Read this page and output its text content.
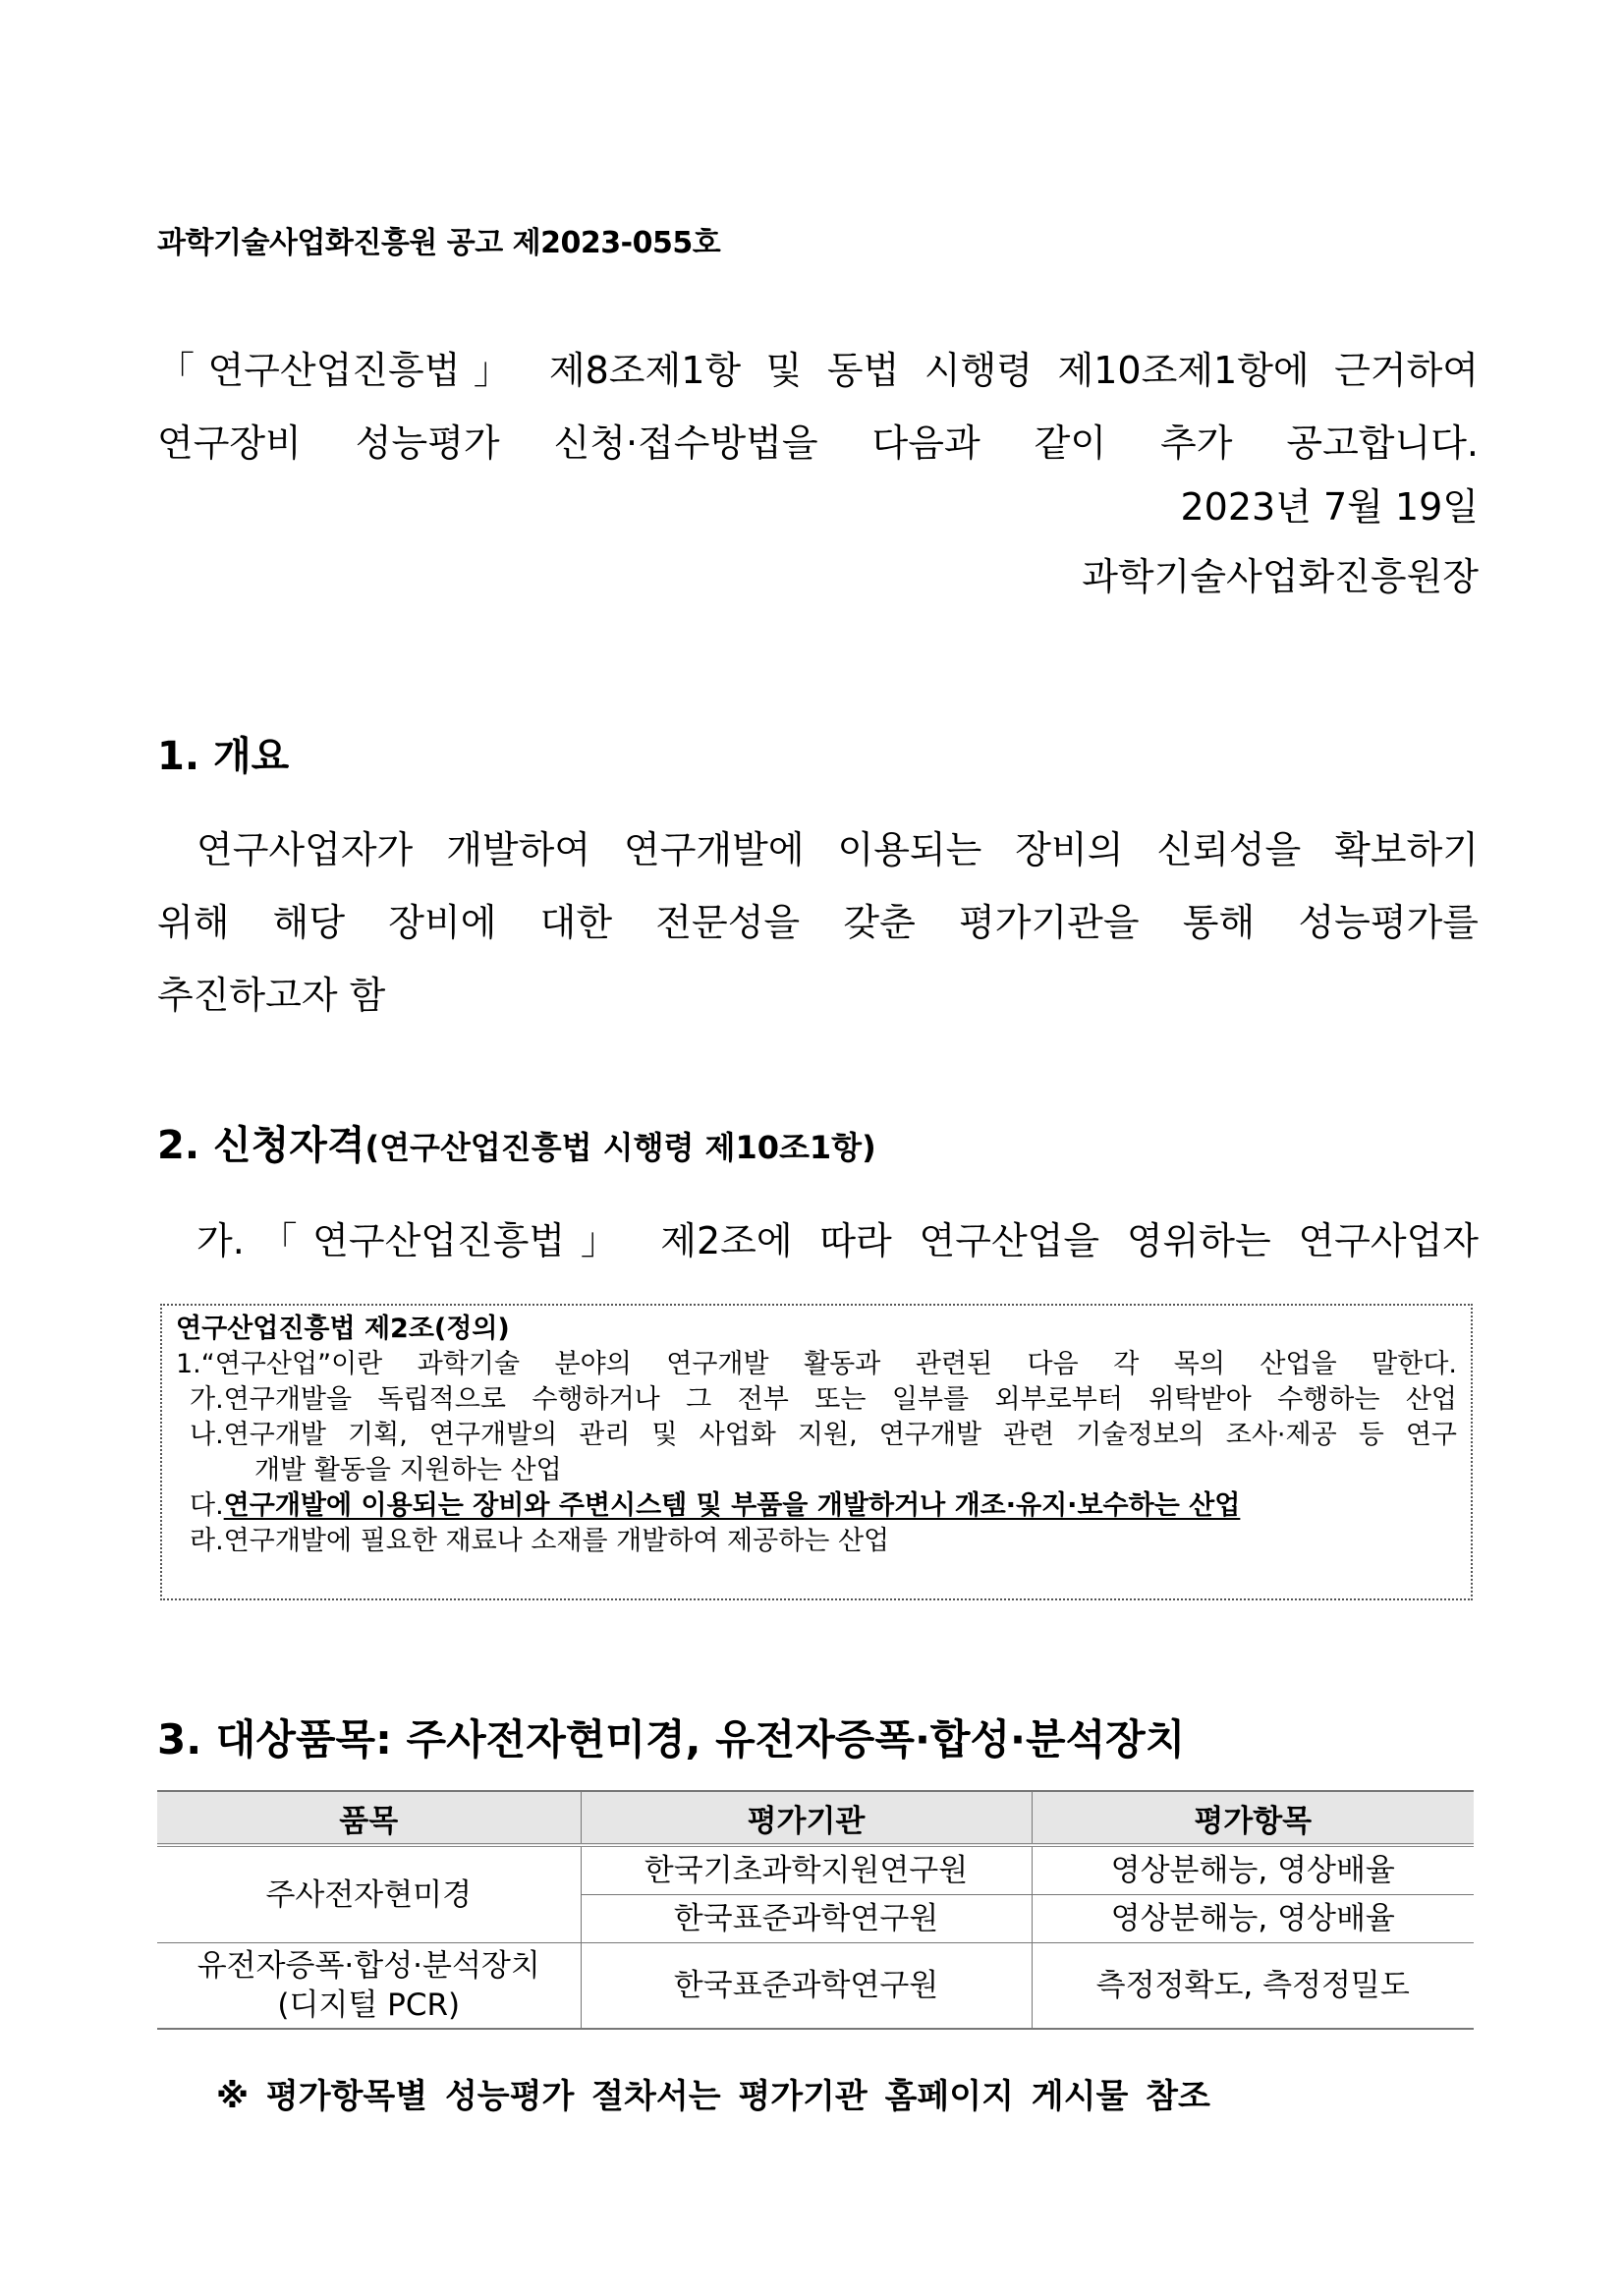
과학기술사업화진흥원 공고 제2023-055호
「연구산업진흥법」 제8조제1항 및 동법 시행령 제10조제1항에 근거하여
연구장비 성능평가 신청·접수방법을 다음과 같이 추가 공고합니다.
2023년 7월 19일
과학기술사업화진흥원장
1. 개요
연구사업자가 개발하여 연구개발에 이용되는 장비의 신뢰성을 확보하기
위해 해당 장비에 대한 전문성을 갖춘 평가기관을 통해 성능평가를
추진하고자 함
2. 신청자격(연구산업진흥법 시행령 제10조1항)
가.「연구산업진흥법」 제2조에 따라 연구산업을 영위하는 연구사업자
연구산업진흥법 제2조(정의)
1. “연구산업”이란 과학기술 분야의 연구개발 활동과 관련된 다음 각 목의 산업을 말한다.
가. 연구개발을 독립적으로 수행하거나 그 전부 또는 일부를 외부로부터 위탁받아 수행하는 산업
나. 연구개발 기획, 연구개발의 관리 및 사업화 지원, 연구개발 관련 기술정보의 조사·제공 등 연구
개발 활동을 지원하는 산업
다. 연구개발에 이용되는 장비와 주변시스템 및 부품을 개발하거나 개조·유지·보수하는 산업
라. 연구개발에 필요한 재료나 소재를 개발하여 제공하는 산업
3. 대상품목: 주사전자현미경, 유전자증폭·합성·분석장치
품목	평가기관	평가항목
주사전자현미경	한국기초과학지원연구원	영상분해능, 영상배율
	한국표준과학연구원	영상분해능, 영상배율

유전자증폭·합성·분석장치
(디지털 PCR)	한국표준과학연구원	측정정확도, 측정정밀도
※ 평가항목별 성능평가 절차서는 평가기관 홈페이지 게시물 참조
